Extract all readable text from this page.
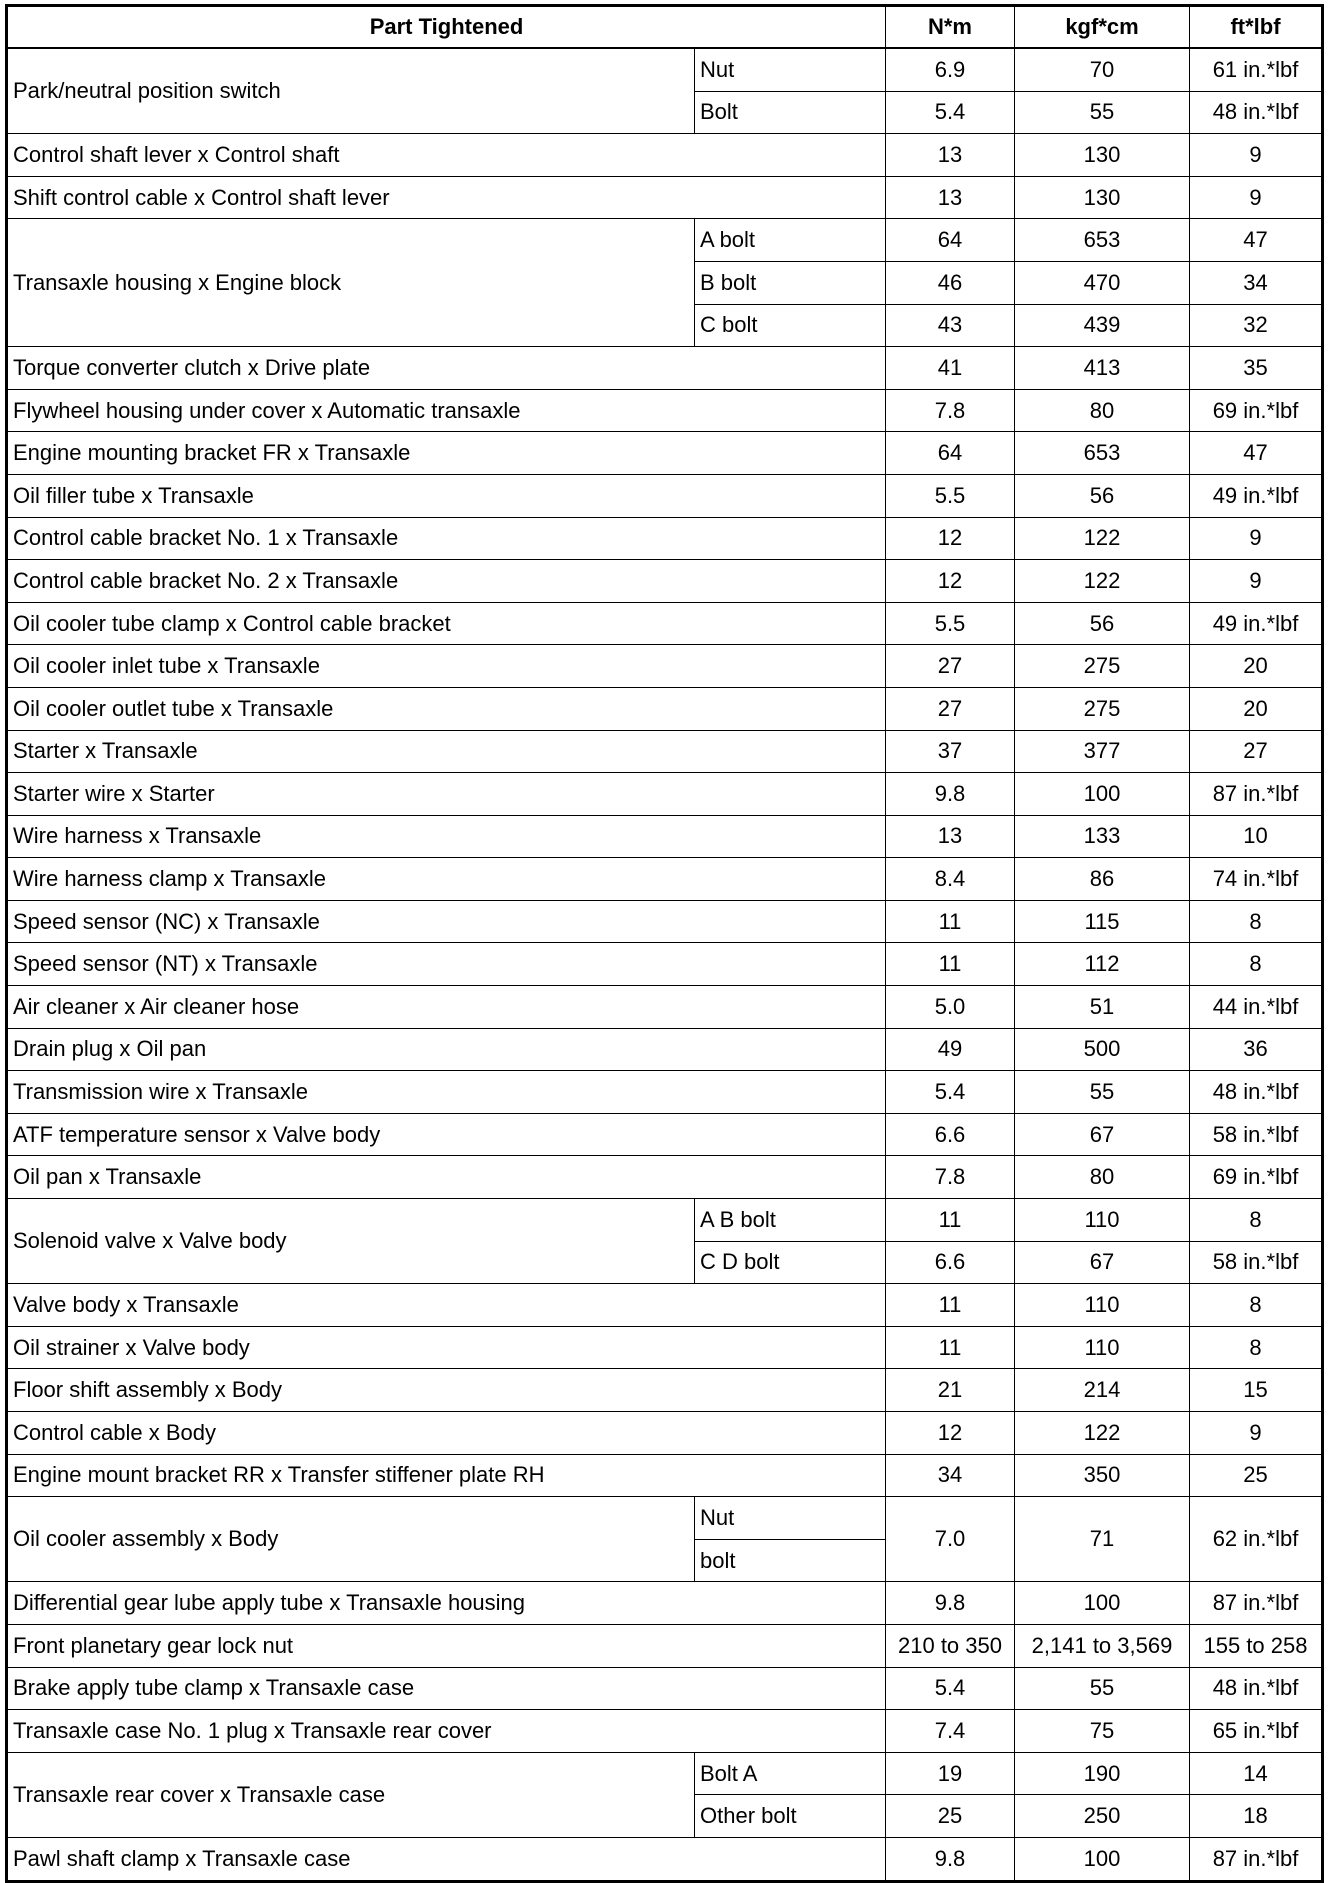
Part Tightened		N*m	kgf*cm	ft*lbf
Park/neutral position switch	Nut	6.9	70	61 in.*lbf
	Bolt	5.4	55	48 in.*lbf
Control shaft lever x Control shaft		13	130	9
Shift control cable x Control shaft lever		13	130	9
Transaxle housing x Engine block	A bolt	64	653	47
	B bolt	46	470	34
	C bolt	43	439	32
Torque converter clutch x Drive plate		41	413	35
Flywheel housing under cover x Automatic transaxle		7.8	80	69 in.*lbf
Engine mounting bracket FR x Transaxle		64	653	47
Oil filler tube x Transaxle		5.5	56	49 in.*lbf
Control cable bracket No. 1 x Transaxle		12	122	9
Control cable bracket No. 2 x Transaxle		12	122	9
Oil cooler tube clamp x Control cable bracket		5.5	56	49 in.*lbf
Oil cooler inlet tube x Transaxle		27	275	20
Oil cooler outlet tube x Transaxle		27	275	20
Starter x Transaxle		37	377	27
Starter wire x Starter		9.8	100	87 in.*lbf
Wire harness x Transaxle		13	133	10
Wire harness clamp x Transaxle		8.4	86	74 in.*lbf
Speed sensor (NC) x Transaxle		11	115	8
Speed sensor (NT) x Transaxle		11	112	8
Air cleaner x Air cleaner hose		5.0	51	44 in.*lbf
Drain plug x Oil pan		49	500	36
Transmission wire x Transaxle		5.4	55	48 in.*lbf
ATF temperature sensor x Valve body		6.6	67	58 in.*lbf
Oil pan x Transaxle		7.8	80	69 in.*lbf
Solenoid valve x Valve body	A B bolt	11	110	8
	C D bolt	6.6	67	58 in.*lbf
Valve body x Transaxle		11	110	8
Oil strainer x Valve body		11	110	8
Floor shift assembly x Body		21	214	15
Control cable x Body		12	122	9
Engine mount bracket RR x Transfer stiffener plate RH		34	350	25
Oil cooler assembly x Body	Nut	7.0	71	62 in.*lbf
	bolt			
Differential gear lube apply tube x Transaxle housing		9.8	100	87 in.*lbf
Front planetary gear lock nut		210 to 350	2,141 to 3,569	155 to 258
Brake apply tube clamp x Transaxle case		5.4	55	48 in.*lbf
Transaxle case No. 1 plug x Transaxle rear cover		7.4	75	65 in.*lbf
Transaxle rear cover x Transaxle case	Bolt A	19	190	14
	Other bolt	25	250	18
Pawl shaft clamp x Transaxle case		9.8	100	87 in.*lbf
